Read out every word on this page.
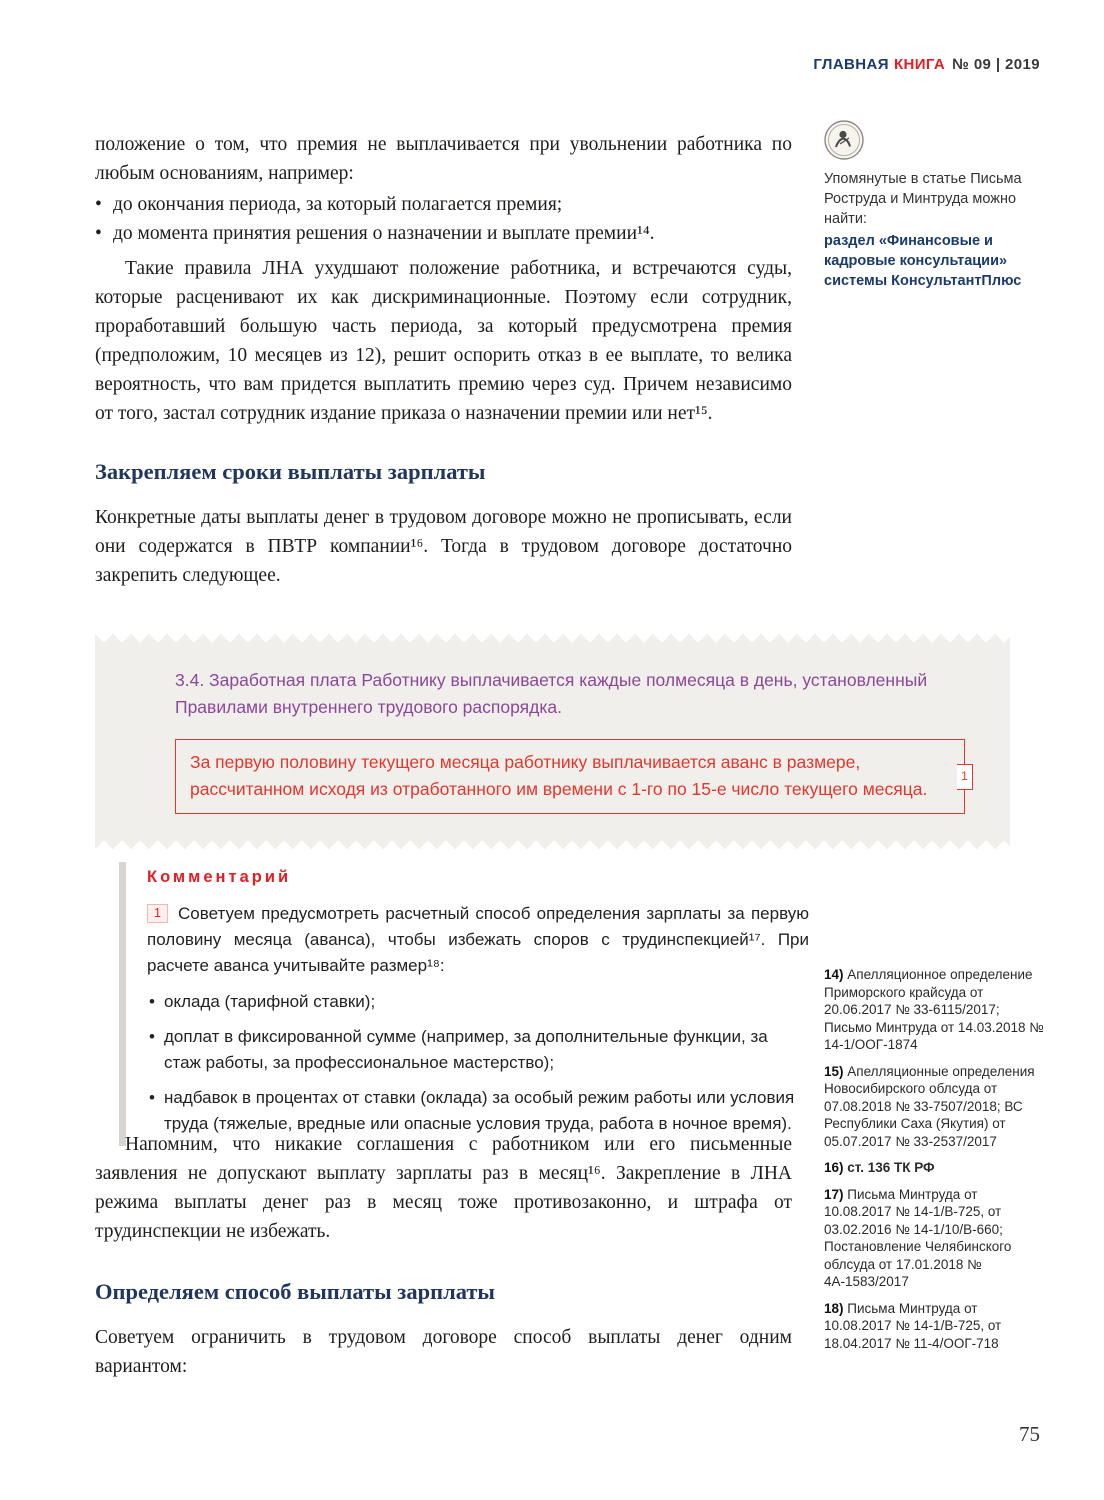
ГЛАВНАЯ КНИГА № 09 | 2019

Упомянутые в статье Письма Роструда и Минтруда можно найти:

раздел «Финансовые и кадровые консультации» системы КонсультантПлюс

положение о том, что премия не выплачивается при увольнении работника по любым основаниям, например:

• до окончания периода, за который полагается премия;
• до момента принятия решения о назначении и выплате премии¹⁴.

Такие правила ЛНА ухудшают положение работника, и встречаются суды, которые расценивают их как дискриминационные. Поэтому если сотрудник, проработавший большую часть периода, за который предусмотрена премия (предположим, 10 месяцев из 12), решит оспорить отказ в ее выплате, то велика вероятность, что вам придется выплатить премию через суд. Причем независимо от того, застал сотрудник издание приказа о назначении премии или нет¹⁵.

Закрепляем сроки выплаты зарплаты

Конкретные даты выплаты денег в трудовом договоре можно не прописывать, если они содержатся в ПВТР компании¹⁶. Тогда в трудовом договоре достаточно закрепить следующее.

3.4. Заработная плата Работнику выплачивается каждые полмесяца в день, установленный Правилами внутреннего трудового распорядка.

За первую половину текущего месяца работнику выплачивается аванс в размере, рассчитанном исходя из отработанного им времени с 1-го по 15-е число текущего месяца.

1
Комментарий

1 Советуем предусмотреть расчетный способ определения зарплаты за первую половину месяца (аванса), чтобы избежать споров с трудинспекцией¹⁷. При расчете аванса учитывайте размер¹⁸:

• оклада (тарифной ставки);
• доплат в фиксированной сумме (например, за дополнительные функции, за стаж работы, за профессиональное мастерство);
• надбавок в процентах от ставки (оклада) за особый режим работы или условия труда (тяжелые, вредные или опасные условия труда, работа в ночное время).

Напомним, что никакие соглашения с работником или его письменные заявления не допускают выплату зарплаты раз в месяц¹⁶. Закрепление в ЛНА режима выплаты денег раз в месяц тоже противозаконно, и штрафа от трудинспекции не избежать.

Определяем способ выплаты зарплаты

Советуем ограничить в трудовом договоре способ выплаты денег одним вариантом:

14) Апелляционное определение Приморского крайсуда от 20.06.2017 № 33-6115/2017; Письмо Минтруда от 14.03.2018 № 14-1/ООГ-1874

15) Апелляционные определения Новосибирского облсуда от 07.08.2018 № 33-7507/2018; ВС Республики Саха (Якутия) от 05.07.2017 № 33-2537/2017

16) ст. 136 ТК РФ

17) Письма Минтруда от 10.08.2017 № 14-1/В-725, от 03.02.2016 № 14-1/10/В-660; Постановление Челябинского облсуда от 17.01.2018 № 4А-1583/2017

18) Письма Минтруда от 10.08.2017 № 14-1/В-725, от 18.04.2017 № 11-4/ООГ-718

75
